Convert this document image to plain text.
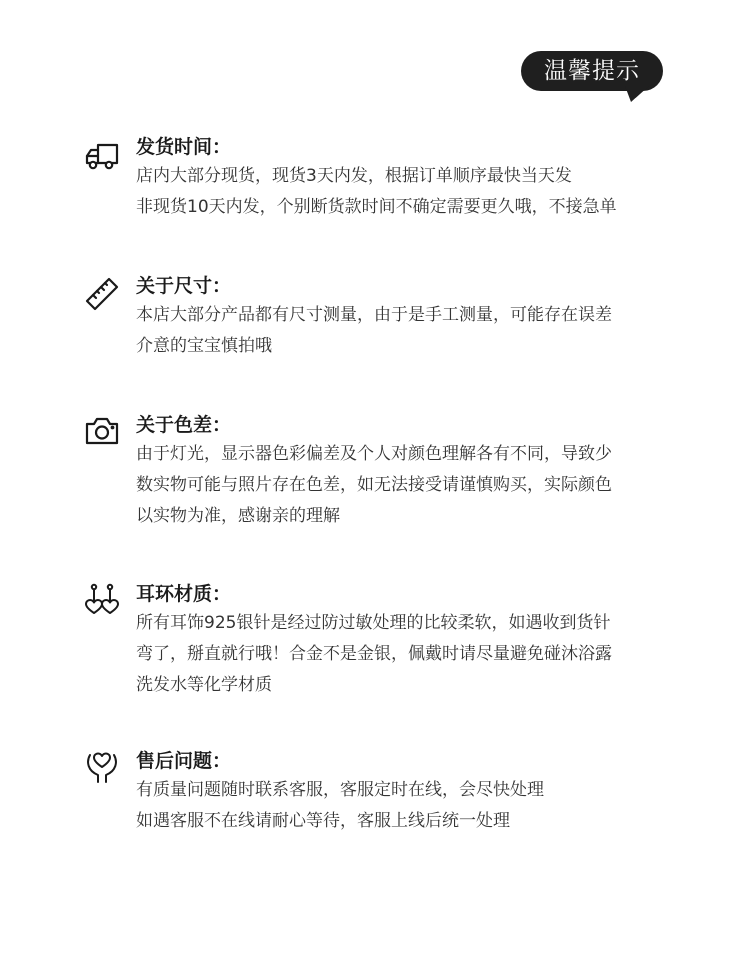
温馨提示
发货时间：
店内大部分现货，现货3天内发，根据订单顺序最快当天发
非现货10天内发，个别断货款时间不确定需要更久哦，不接急单
关于尺寸：
本店大部分产品都有尺寸测量，由于是手工测量，可能存在误差
介意的宝宝慎拍哦
关于色差：
由于灯光，显示器色彩偏差及个人对颜色理解各有不同，导致少
数实物可能与照片存在色差，如无法接受请谨慎购买，实际颜色
以实物为准，感谢亲的理解
耳环材质：
所有耳饰925银针是经过防过敏处理的比较柔软，如遇收到货针
弯了，掰直就行哦！合金不是金银，佩戴时请尽量避免碰沐浴露
洗发水等化学材质
售后问题：
有质量问题随时联系客服，客服定时在线，会尽快处理
如遇客服不在线请耐心等待，客服上线后统一处理
